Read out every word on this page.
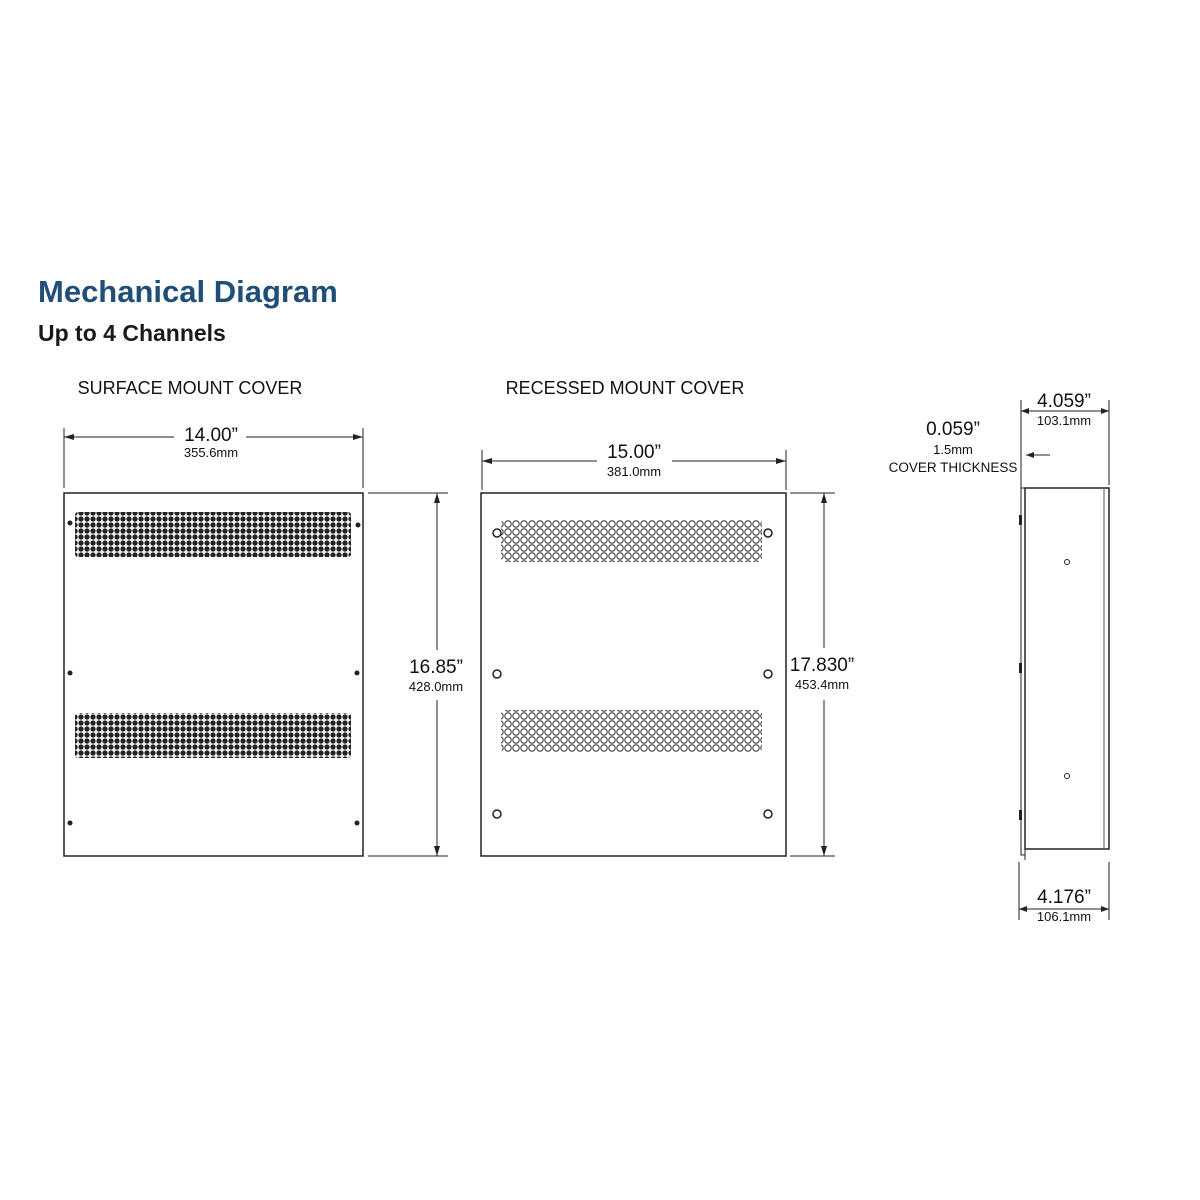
Mechanical Diagram
Up to 4 Channels
SURFACE MOUNT COVER
14.00”
355.6mm
16.85”
428.0mm
RECESSED MOUNT COVER
15.00”
381.0mm
17.830”
453.4mm
4.059”
103.1mm
0.059”
1.5mm
COVER THICKNESS
4.176”
106.1mm
